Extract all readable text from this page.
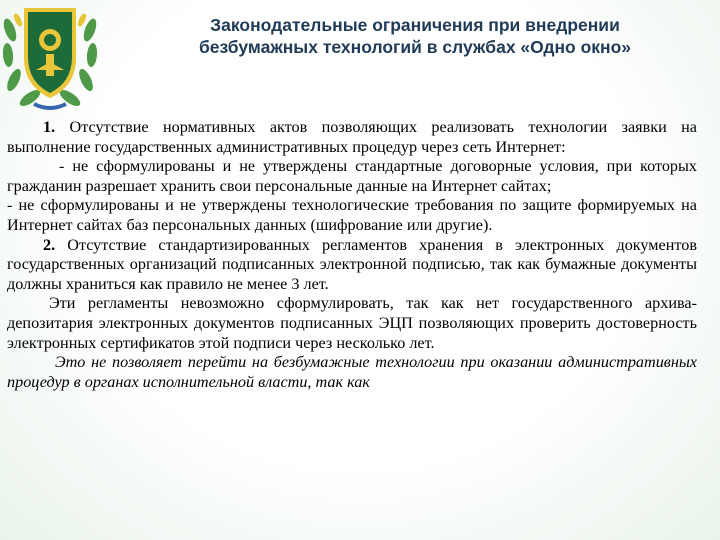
Законодательные ограничения при внедрении
безбумажных технологий в службах «Одно окно»

1. Отсутствие нормативных актов позволяющих реализовать технологии заявки на выполнение государственных административных процедур через сеть Интернет:

- не сформулированы и не утверждены стандартные договорные условия, при которых гражданин разрешает хранить свои персональные данные на Интернет сайтах;

- не сформулированы и не утверждены технологические требования по защите формируемых на Интернет сайтах баз персональных данных (шифрование или другие).

2. Отсутствие стандартизированных регламентов хранения в электронных документов государственных организаций подписанных электронной подписью, так как бумажные документы должны храниться как правило не менее 3 лет.

Эти регламенты невозможно сформулировать, так как нет государственного архива-депозитария электронных документов подписанных ЭЦП позволяющих проверить достоверность электронных сертификатов этой подписи через несколько лет.

Это не позволяет перейти на безбумажные технологии при оказании административных процедур в органах исполнительной власти, так как
